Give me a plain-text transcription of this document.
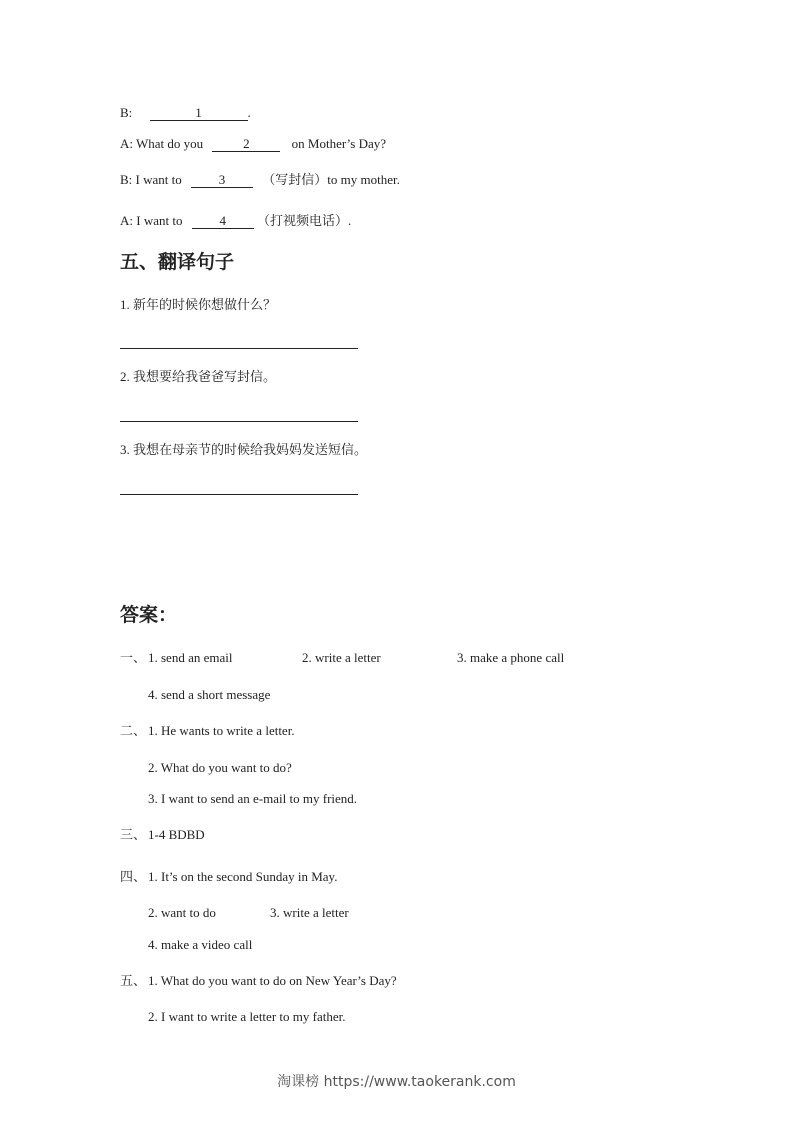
B:	1	.
A: What do you	2	on Mother’s Day?
B: I want to	3	（写封信）to my mother.
A: I want to	4 （打视频电话）.
五、翻译句子
1. 新年的时候你想做什么？
2. 我想要给我爸爸写封信。
3. 我想在母亲节的时候给我妈妈发送短信。
答案：
一、 1. send an email	2. write a letter	3. make a phone call
4. send a short message
二、 1. He wants to write a letter.
2. What do you want to do?
3. I want to send an e-mail to my friend.
三、 1-4 BDBD
四、 1. It’s on the second Sunday in May.
2. want to do	3. write a letter
4. make a video call
五、 1. What do you want to do on New Year’s Day?
2. I want to write a letter to my father.
淘课榜 https://www.taokerank.com
